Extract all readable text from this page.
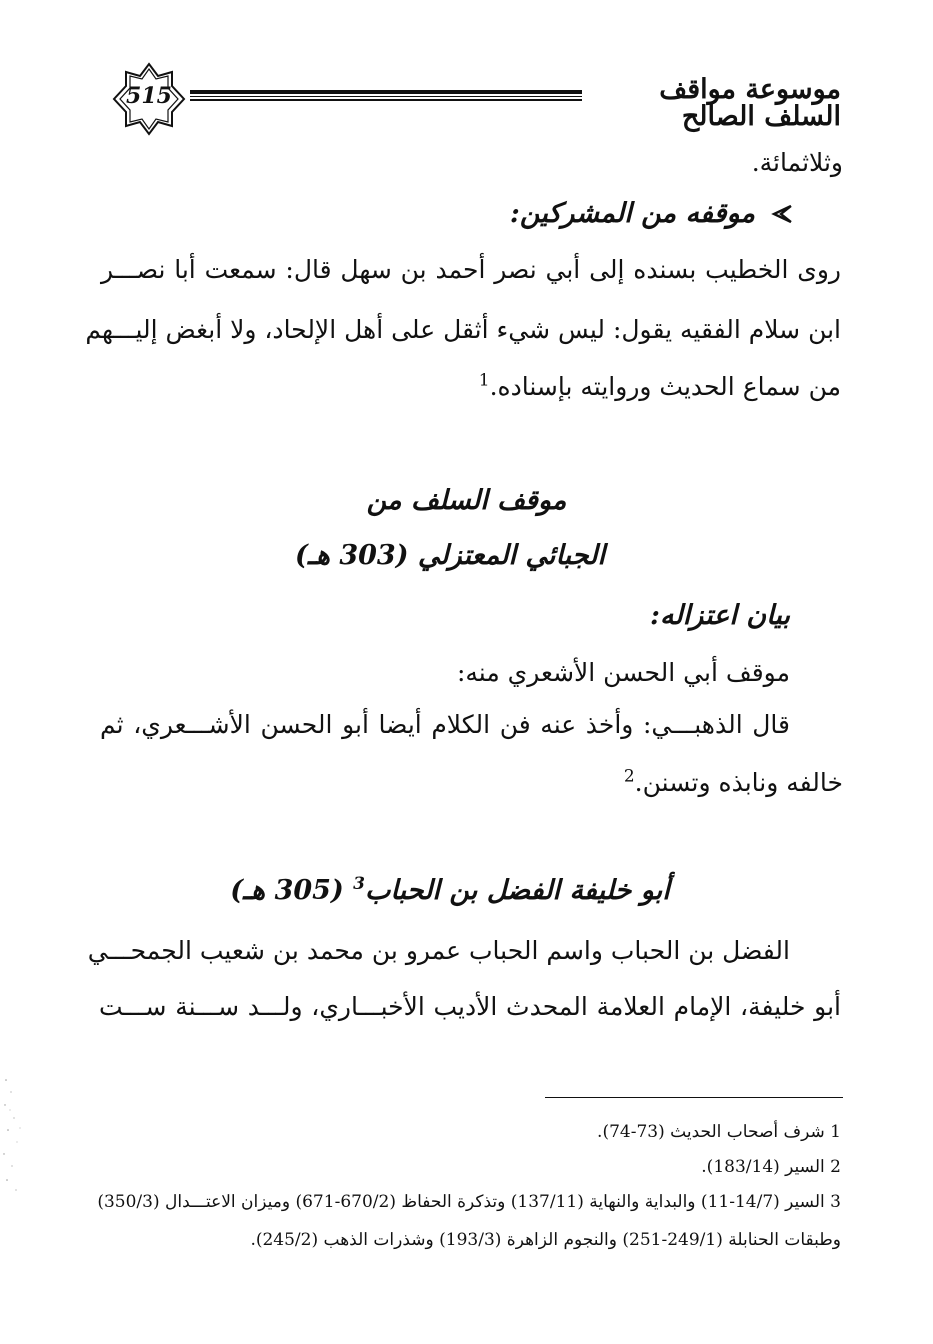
515	موسوعة مواقف السلف الصالح
وثلاثمائة.
موقفه من المشركين:
روى الخطيب بسنده إلى أبي نصر أحمد بن سهل قال: سمعت أبا نصـــر
ابن سلام الفقيه يقول: ليس شيء أثقل على أهل الإلحاد، ولا أبغض إليـــهم
من سماع الحديث وروايته بإسناده.$^1$
موقف السلف من
الجبائي المعتزلي (303 هـ)
بيان اعتزاله:
موقف أبي الحسن الأشعري منه:
قال الذهبـــي: وأخذ عنه فن الكلام أيضا أبو الحسن الأشـــعري، ثم
خالفه ونابذه وتسنن.$^2$
أبو خليفة الفضل بن الحباب$^3$ (305 هـ)
الفضل بن الحباب واسم الحباب عمرو بن محمد بن شعيب الجمحـــي
أبو خليفة، الإمام العلامة المحدث الأديب الأخبـــاري، ولـــد ســـنة ســـت
1 شرف أصحاب الحديث (73-74).
2 السير (183/14).
3 السير (14/7-11) والبداية والنهاية (137/11) وتذكرة الحفاظ (670/2-671) وميزان الاعتـــدال (350/3)
وطبقات الحنابلة (249/1-251) والنجوم الزاهرة (193/3) وشذرات الذهب (245/2).
